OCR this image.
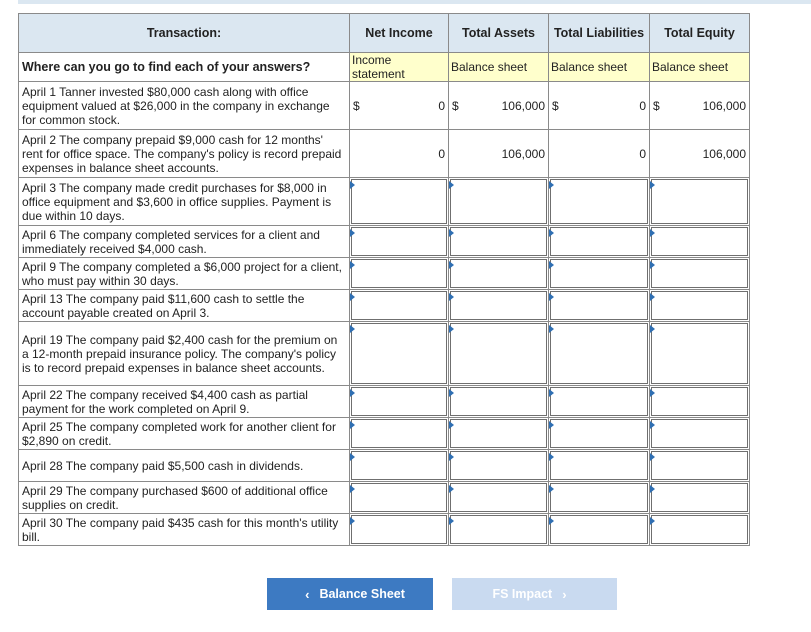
Transaction:	Net Income	Total Assets	Total Liabilities	Total Equity
Where can you go to find each of your answers?	Income statement	Balance sheet	Balance sheet	Balance sheet

April 1 Tanner invested $80,000 cash along with office equipment valued at $26,000 in the company in exchange for common stock.	$ 0	$ 106,000	$ 0	$ 106,000

April 2 The company prepaid $9,000 cash for 12 months' rent for office space. The company's policy is record prepaid expenses in balance sheet accounts.	0	106,000	0	106,000

April 3 The company made credit purchases for $8,000 in office equipment and $3,600 in office supplies. Payment is due within 10 days.	

April 6 The company completed services for a client and immediately received $4,000 cash.	

April 9 The company completed a $6,000 project for a client, who must pay within 30 days.	

April 13 The company paid $11,600 cash to settle the account payable created on April 3.	

April 19 The company paid $2,400 cash for the premium on a 12-month prepaid insurance policy. The company's policy is to record prepaid expenses in balance sheet accounts.	

April 22 The company received $4,400 cash as partial payment for the work completed on April 9.	

April 25 The company completed work for another client for $2,890 on credit.	

April 28 The company paid $5,500 cash in dividends.	

April 29 The company purchased $600 of additional office supplies on credit.	

April 30 The company paid $435 cash for this month's utility bill.	

‹ Balance Sheet	FS Impact ›
